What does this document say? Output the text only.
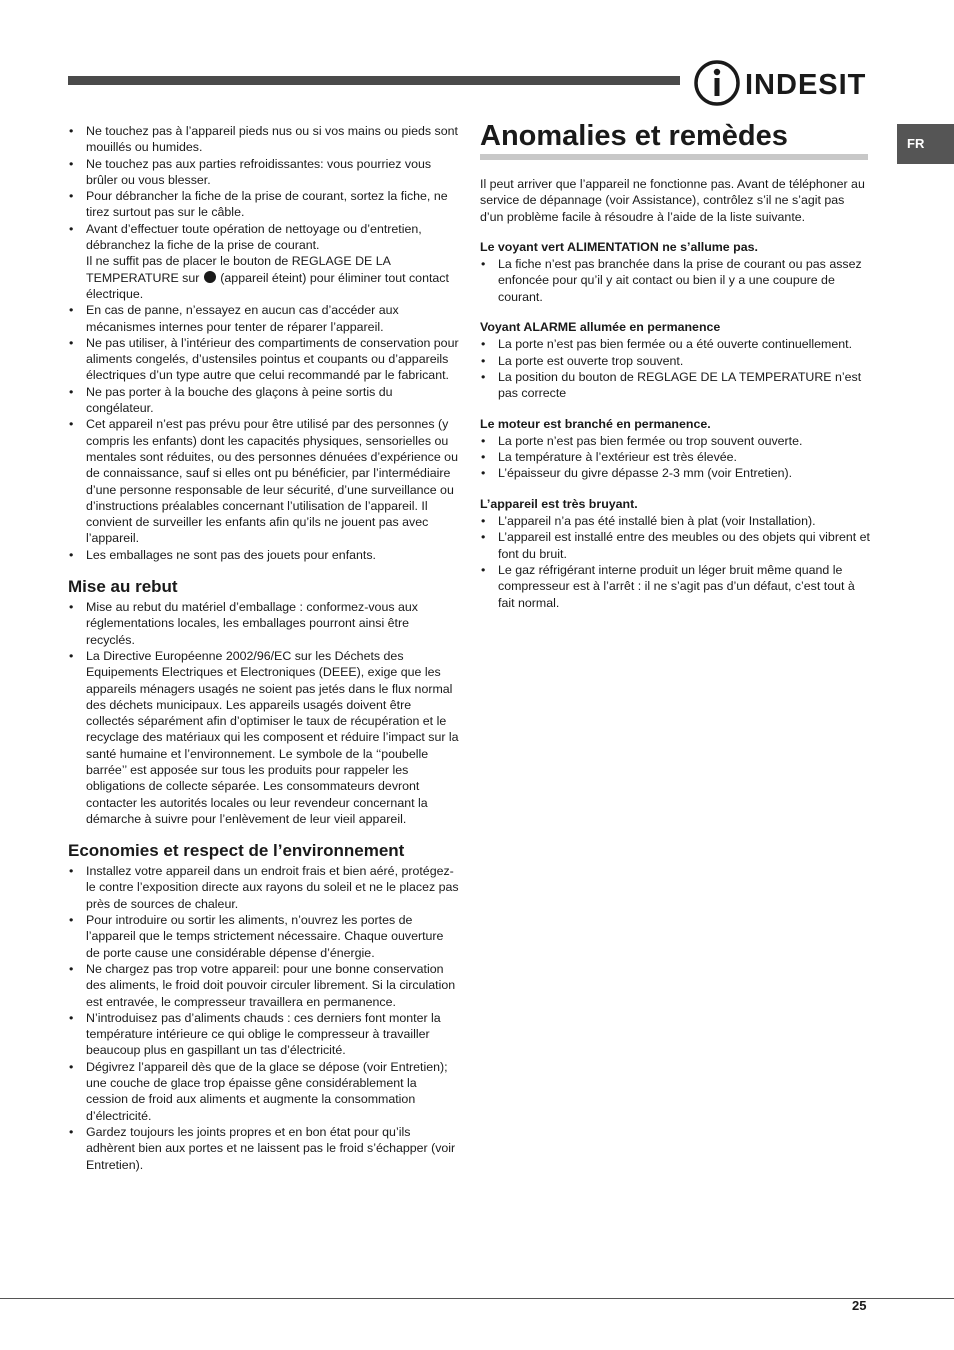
INDESIT
FR
• Ne touchez pas à l’appareil pieds nus ou si vos mains ou pieds sont mouillés ou humides.
• Ne touchez pas aux parties refroidissantes: vous pourriez vous brûler ou vous blesser.
• Pour débrancher la fiche de la prise de courant, sortez la fiche, ne tirez surtout pas sur le câble.
• Avant d’effectuer toute opération de nettoyage ou d’entretien, débranchez la fiche de la prise de courant.
Il ne suffit pas de placer le bouton de REGLAGE DE LA TEMPERATURE sur (appareil éteint) pour éliminer tout contact électrique.
• En cas de panne, n’essayez en aucun cas d’accéder aux mécanismes internes pour tenter de réparer l’appareil.
• Ne pas utiliser, à l’intérieur des compartiments de conservation pour aliments congelés, d’ustensiles pointus et coupants ou d’appareils électriques d’un type autre que celui recommandé par le fabricant.
• Ne pas porter à la bouche des glaçons à peine sortis du congélateur.
• Cet appareil n’est pas prévu pour être utilisé par des personnes (y compris les enfants) dont les capacités physiques, sensorielles ou mentales sont réduites, ou des personnes dénuées d’expérience ou de connaissance, sauf si elles ont pu bénéficier, par l’intermédiaire d’une personne responsable de leur sécurité, d’une surveillance ou d’instructions préalables concernant l’utilisation de l’appareil. Il convient de surveiller les enfants afin qu’ils ne jouent pas avec l’appareil.
• Les emballages ne sont pas des jouets pour enfants.
Mise au rebut
• Mise au rebut du matériel d’emballage : conformez-vous aux réglementations locales, les emballages pourront ainsi être recyclés.
• La Directive Européenne 2002/96/EC sur les Déchets des Equipements Electriques et Electroniques (DEEE), exige que les appareils ménagers usagés ne soient pas jetés dans le flux normal des déchets municipaux. Les appareils usagés doivent être collectés séparément afin d’optimiser le taux de récupération et le recyclage des matériaux qui les composent et réduire l’impact sur la santé humaine et l’environnement. Le symbole de la ‘‘poubelle barrée’’ est apposée sur tous les produits pour rappeler les obligations de collecte séparée. Les consommateurs devront contacter les autorités locales ou leur revendeur concernant la démarche à suivre pour l’enlèvement de leur vieil appareil.
Economies et respect de l’environnement
• Installez votre appareil dans un endroit frais et bien aéré, protégez-le contre l’exposition directe aux rayons du soleil et ne le placez pas près de sources de chaleur.
• Pour introduire ou sortir les aliments, n’ouvrez les portes de l’appareil que le temps strictement nécessaire. Chaque ouverture de porte cause une considérable dépense d’énergie.
• Ne chargez pas trop votre appareil: pour une bonne conservation des aliments, le froid doit pouvoir circuler librement. Si la circulation est entravée, le compresseur travaillera en permanence.
• N’introduisez pas d’aliments chauds : ces derniers font monter la température intérieure ce qui oblige le compresseur à travailler beaucoup plus en gaspillant un tas d’électricité.
• Dégivrez l’appareil dès que de la glace se dépose (voir Entretien); une couche de glace trop épaisse gêne considérablement la cession de froid aux aliments et augmente la consommation d’électricité.
• Gardez toujours les joints propres et en bon état pour qu’ils adhèrent bien aux portes et ne laissent pas le froid s’échapper (voir Entretien).
Anomalies et remèdes

Il peut arriver que l’appareil ne fonctionne pas. Avant de téléphoner au service de dépannage (voir Assistance), contrôlez s’il ne s’agit pas d’un problème facile à résoudre à l’aide de la liste suivante.

Le voyant vert ALIMENTATION ne s’allume pas.
• La fiche n’est pas branchée dans la prise de courant ou pas assez enfoncée pour qu’il y ait contact ou bien il y a une coupure de courant.
Voyant ALARME allumée en permanence
• La porte n’est pas bien fermée ou a été ouverte continuellement.
• La porte est ouverte trop souvent.
• La position du bouton de REGLAGE DE LA TEMPERATURE n’est pas correcte
Le moteur est branché en permanence.
• La porte n’est pas bien fermée ou trop souvent ouverte.
• La température à l’extérieur est très élevée.
• L’épaisseur du givre dépasse 2-3 mm (voir Entretien).
L’appareil est très bruyant.
• L’appareil n’a pas été installé bien à plat (voir Installation).
• L’appareil est installé entre des meubles ou des objets qui vibrent et font du bruit.
• Le gaz réfrigérant interne produit un léger bruit même quand le compresseur est à l’arrêt : il ne s’agit pas d’un défaut, c’est tout à fait normal.
25
